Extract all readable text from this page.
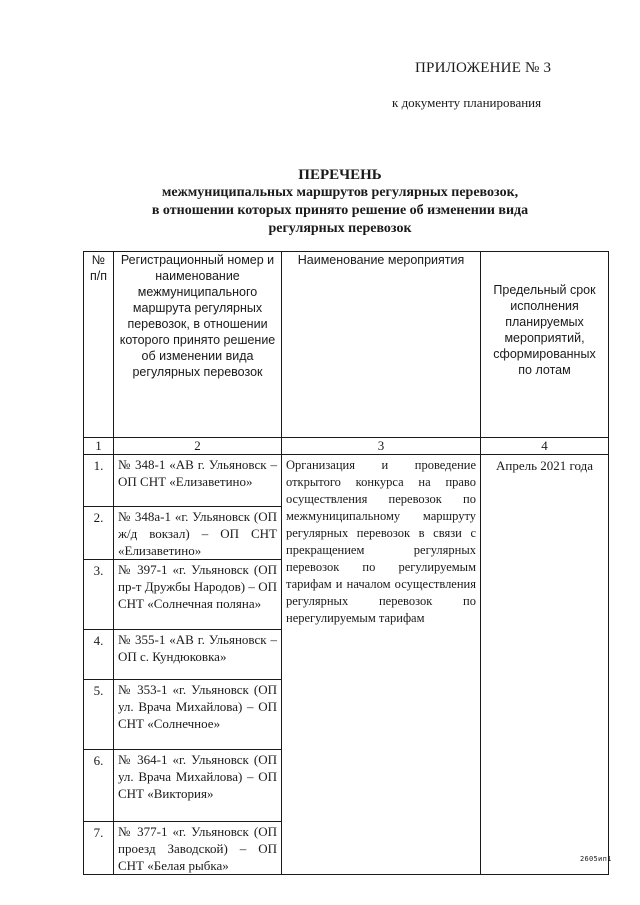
ПРИЛОЖЕНИЕ № 3
к документу планирования
ПЕРЕЧЕНЬ
межмуниципальных маршрутов регулярных перевозок,
в отношении которых принято решение об изменении вида
регулярных перевозок
№ п/п	Регистрационный номер и наименование межмуниципального маршрута регулярных перевозок, в отношении которого принято решение об изменении вида регулярных перевозок	Наименование мероприятия	Предельный срок исполнения планируемых мероприятий, сформированных по лотам
1	2	3	4
1.	№ 348-1 «АВ г. Ульяновск – ОП СНТ «Елизаветино»	Организация и проведение открытого конкурса на право осуществления перевозок по межмуниципальному маршруту регулярных перевозок в связи с прекращением регулярных перевозок по регулируемым тарифам и началом осуществления регулярных перевозок по нерегулируемым тарифам	Апрель 2021 года
2.	№ 348а-1 «г. Ульяновск (ОП ж/д вокзал) – ОП СНТ «Елизаветино»		
3.	№ 397-1 «г. Ульяновск (ОП пр-т Дружбы Народов) – ОП СНТ «Солнечная поляна»		
4.	№ 355-1 «АВ г. Ульяновск – ОП с. Кундюковка»		
5.	№ 353-1 «г. Ульяновск (ОП ул. Врача Михайлова) – ОП СНТ «Солнечное»		
6.	№ 364-1 «г. Ульяновск (ОП ул. Врача Михайлова) – ОП СНТ «Виктория»		
7.	№ 377-1 «г. Ульяновск (ОП проезд Заводской) – ОП СНТ «Белая рыбка»			2605ип1
